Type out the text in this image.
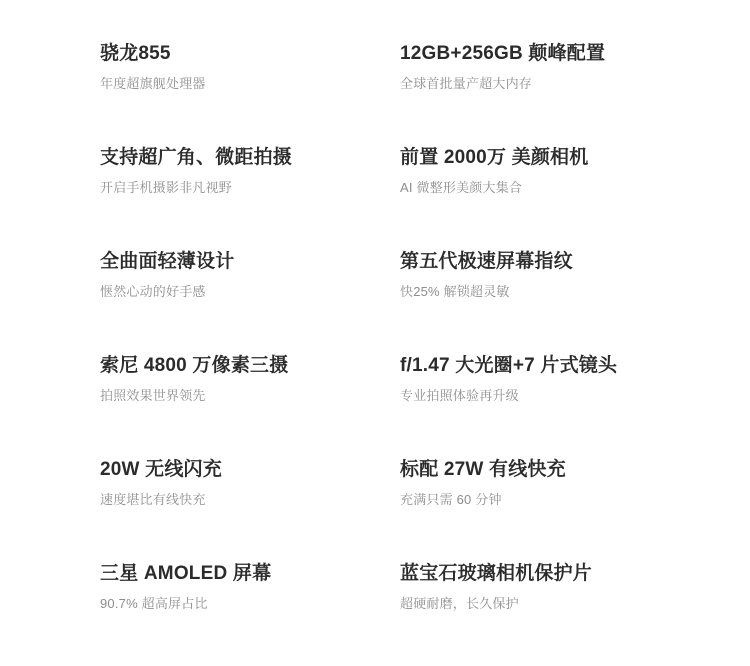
骁龙855
年度超旗舰处理器
12GB+256GB 颠峰配置
全球首批量产超大内存
支持超广角、微距拍摄
开启手机摄影非凡视野
前置 2000万 美颜相机
AI 微整形美颜大集合
全曲面轻薄设计
惬然心动的好手感
第五代极速屏幕指纹
快25% 解锁超灵敏
索尼 4800 万像素三摄
拍照效果世界领先
f/1.47 大光圈+7 片式镜头
专业拍照体验再升级
20W 无线闪充
速度堪比有线快充
标配 27W 有线快充
充满只需 60 分钟
三星 AMOLED 屏幕
90.7% 超高屏占比
蓝宝石玻璃相机保护片
超硬耐磨，长久保护
